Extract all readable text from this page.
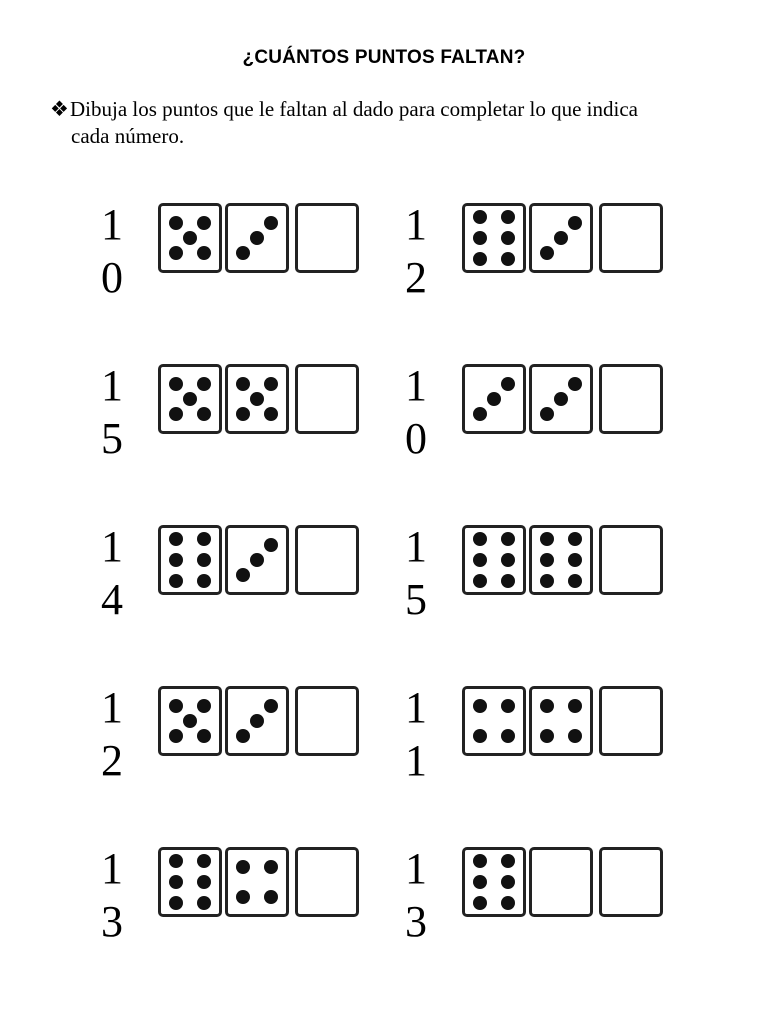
¿CUÁNTOS PUNTOS FALTAN?
❖Dibuja los puntos que le faltan al dado para completar lo que indica
cada número.
1
0
1
2
1
5
1
0
1
4
1
5
1
2
1
1
1
3
1
3
